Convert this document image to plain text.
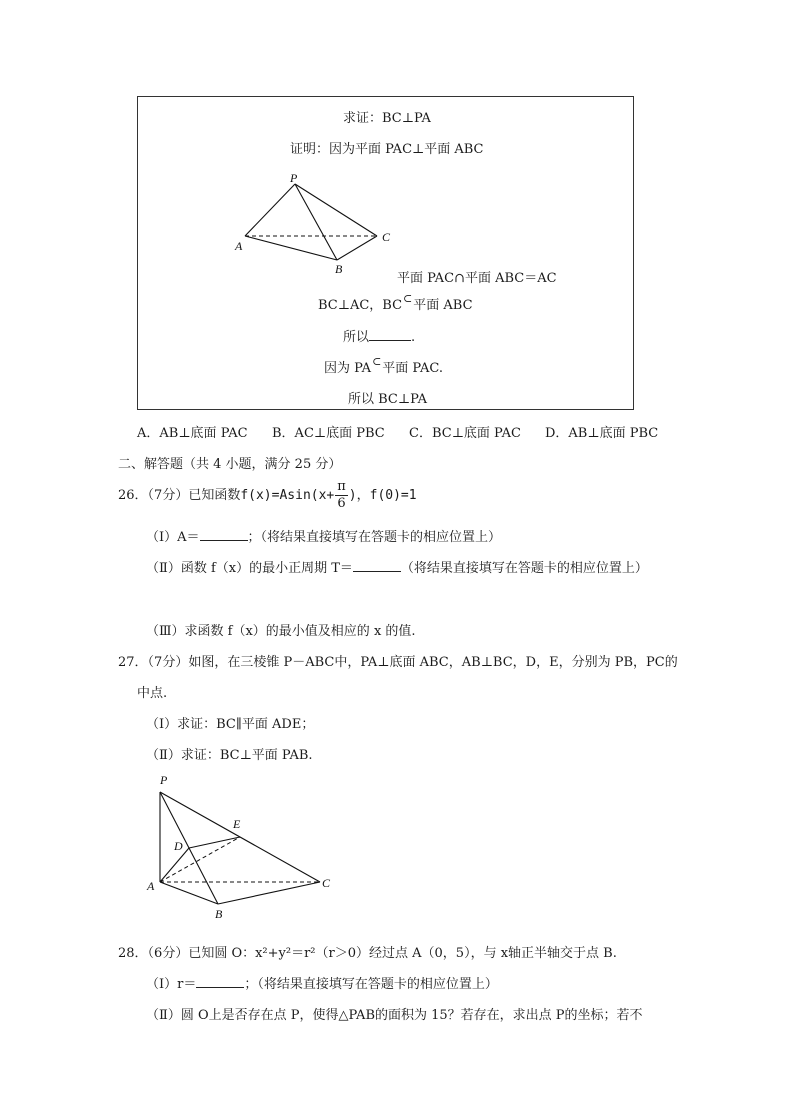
求证：BC⊥PA
证明：因为平面 PAC⊥平面 ABC
P
A
B
C
平面 PAC∩平面 ABC＝AC
BC⊥AC，BC⊂平面 ABC
所以	.
因为 PA⊂平面 PAC.
所以 BC⊥PA
A．AB⊥底面 PAC B．AC⊥底面 PBC C．BC⊥底面 PAC D．AB⊥底面 PBC
二、解答题（共 4 小题，满分 25 分）
26．（7分）已知函数$f(x)=Asin(x+ \frac{\pi}{6}$ )，f(0)=1
（Ⅰ）A＝	；（将结果直接填写在答题卡的相应位置上）
（Ⅱ）函数 f（x）的最小正周期 T＝	（将结果直接填写在答题卡的相应位置上）
（Ⅲ）求函数 f（x）的最小值及相应的 x 的值.
27．（7分）如图，在三棱锥 P－ABC中，PA⊥底面 ABC，AB⊥BC，D，E，分别为 PB，PC的
中点.
（Ⅰ）求证：BC∥平面 ADE；
（Ⅱ）求证：BC⊥平面 PAB.
P
E
D
A	C
B
28．（6分）已知圆 O：x²+y²＝r²（r＞0）经过点 A（0，5），与 x轴正半轴交于点 B.
（Ⅰ）r＝	；（将结果直接填写在答题卡的相应位置上）
（Ⅱ）圆 O上是否存在点 P，使得△PAB的面积为 15？若存在，求出点 P的坐标；若不
